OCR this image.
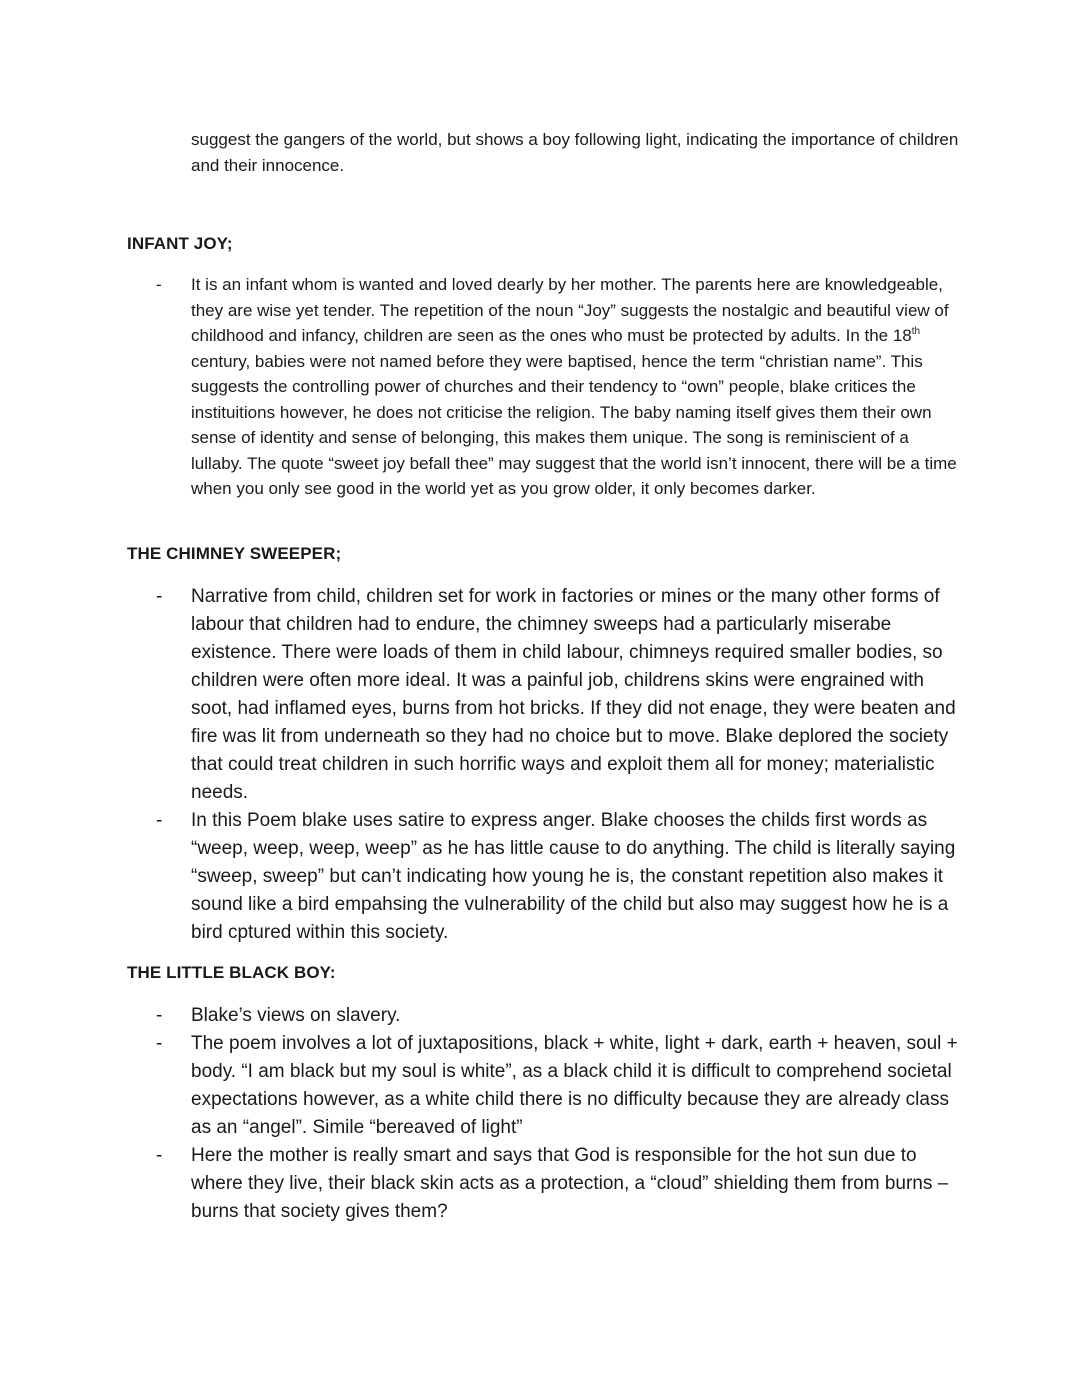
suggest the gangers of the world, but shows a boy following light, indicating the importance of children and their innocence.
INFANT JOY;
- It is an infant whom is wanted and loved dearly by her mother. The parents here are knowledgeable, they are wise yet tender. The repetition of the noun “Joy” suggests the nostalgic and beautiful view of childhood and infancy, children are seen as the ones who must be protected by adults. In the 18th century, babies were not named before they were baptised, hence the term “christian name”. This suggests the controlling power of churches and their tendency to “own” people, blake critices the instituitions however, he does not criticise the religion. The baby naming itself gives them their own sense of identity and sense of belonging, this makes them unique. The song is reminiscient of a lullaby. The quote “sweet joy befall thee” may suggest that the world isn’t innocent, there will be a time when you only see good in the world yet as you grow older, it only becomes darker.
THE CHIMNEY SWEEPER;
- Narrative from child, children set for work in factories or mines or the many other forms of labour that children had to endure, the chimney sweeps had a particularly miserabe existence. There were loads of them in child labour, chimneys required smaller bodies, so children were often more ideal. It was a painful job, childrens skins were engrained with soot, had inflamed eyes, burns from hot bricks. If they did not enage, they were beaten and fire was lit from underneath so they had no choice but to move. Blake deplored the society that could treat children in such horrific ways and exploit them all for money; materialistic needs.
- In this Poem blake uses satire to express anger. Blake chooses the childs first words as “weep, weep, weep, weep” as he has little cause to do anything. The child is literally saying “sweep, sweep” but can’t indicating how young he is, the constant repetition also makes it sound like a bird empahsing the vulnerability of the child but also may suggest how he is a bird cptured within this society.
THE LITTLE BLACK BOY:
- Blake’s views on slavery.
- The poem involves a lot of juxtapositions, black + white, light + dark, earth + heaven, soul + body. “I am black but my soul is white”, as a black child it is difficult to comprehend societal expectations however, as a white child there is no difficulty because they are already class as an “angel”. Simile “bereaved of light”
- Here the mother is really smart and says that God is responsible for the hot sun due to where they live, their black skin acts as a protection, a “cloud” shielding them from burns – burns that society gives them?
